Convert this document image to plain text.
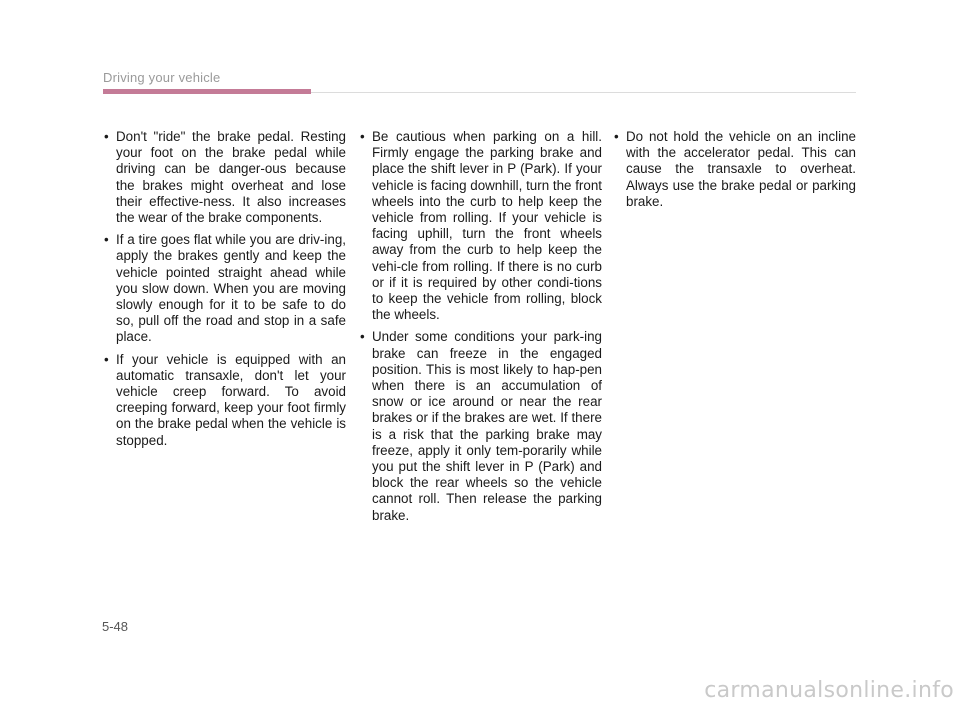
Driving your vehicle
• Don't "ride" the brake pedal. Resting your foot on the brake pedal while driving can be danger-ous because the brakes might overheat and lose their effective-ness. It also increases the wear of the brake components.
• If a tire goes flat while you are driv-ing, apply the brakes gently and keep the vehicle pointed straight ahead while you slow down. When you are moving slowly enough for it to be safe to do so, pull off the road and stop in a safe place.
• If your vehicle is equipped with an automatic transaxle, don't let your vehicle creep forward. To avoid creeping forward, keep your foot firmly on the brake pedal when the vehicle is stopped.
• Be cautious when parking on a hill. Firmly engage the parking brake and place the shift lever in P (Park). If your vehicle is facing downhill, turn the front wheels into the curb to help keep the vehicle from rolling. If your vehicle is facing uphill, turn the front wheels away from the curb to help keep the vehi-cle from rolling. If there is no curb or if it is required by other condi-tions to keep the vehicle from rolling, block the wheels.
• Under some conditions your park-ing brake can freeze in the engaged position. This is most likely to hap-pen when there is an accumulation of snow or ice around or near the rear brakes or if the brakes are wet. If there is a risk that the parking brake may freeze, apply it only tem-porarily while you put the shift lever in P (Park) and block the rear wheels so the vehicle cannot roll. Then release the parking brake.
• Do not hold the vehicle on an incline with the accelerator pedal. This can cause the transaxle to overheat. Always use the brake pedal or parking brake.
5-48
carmanualsonline.info
